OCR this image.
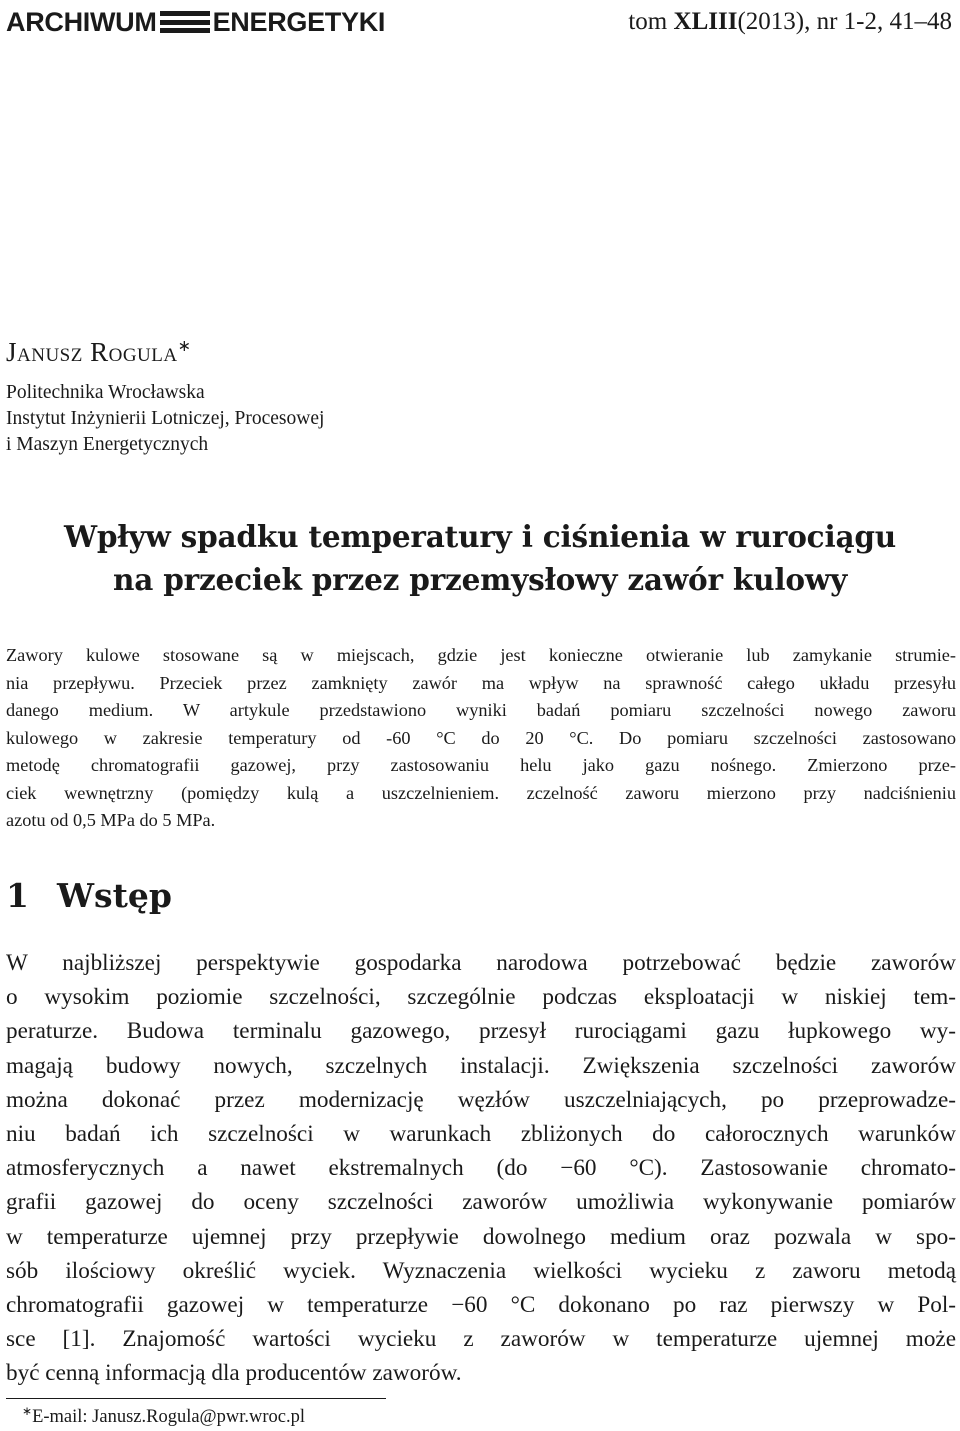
ARCHIWUM ENERGETYKI	tom XLIII(2013), nr 1-2, 41–48
Janusz Rogula∗
Politechnika Wrocławska
Instytut Inżynierii Lotniczej, Procesowej
i Maszyn Energetycznych
Wpływ spadku temperatury i ciśnienia w rurociągu
na przeciek przez przemysłowy zawór kulowy
Zawory kulowe stosowane są w miejscach, gdzie jest konieczne otwieranie lub zamykanie strumie-
nia przepływu. Przeciek przez zamknięty zawór ma wpływ na sprawność całego układu przesyłu
danego medium. W artykule przedstawiono wyniki badań pomiaru szczelności nowego zaworu
kulowego w zakresie temperatury od -60 °C do 20 °C. Do pomiaru szczelności zastosowano
metodę chromatografii gazowej, przy zastosowaniu helu jako gazu nośnego. Zmierzono prze-
ciek wewnętrzny (pomiędzy kulą a uszczelnieniem. zczelność zaworu mierzono przy nadciśnieniu
azotu od 0,5 MPa do 5 MPa.
1 Wstęp
W najbliższej perspektywie gospodarka narodowa potrzebować będzie zaworów
o wysokim poziomie szczelności, szczególnie podczas eksploatacji w niskiej tem-
peraturze. Budowa terminalu gazowego, przesył rurociągami gazu łupkowego wy-
magają budowy nowych, szczelnych instalacji. Zwiększenia szczelności zaworów
można dokonać przez modernizację węzłów uszczelniających, po przeprowadze-
niu badań ich szczelności w warunkach zbliżonych do całorocznych warunków
atmosferycznych a nawet ekstremalnych (do −60 °C). Zastosowanie chromato-
grafii gazowej do oceny szczelności zaworów umożliwia wykonywanie pomiarów
w temperaturze ujemnej przy przepływie dowolnego medium oraz pozwala w spo-
sób ilościowy określić wyciek. Wyznaczenia wielkości wycieku z zaworu metodą
chromatografii gazowej w temperaturze −60 °C dokonano po raz pierwszy w Pol-
sce [1]. Znajomość wartości wycieku z zaworów w temperaturze ujemnej może
być cenną informacją dla producentów zaworów.
∗E-mail: Janusz.Rogula@pwr.wroc.pl
